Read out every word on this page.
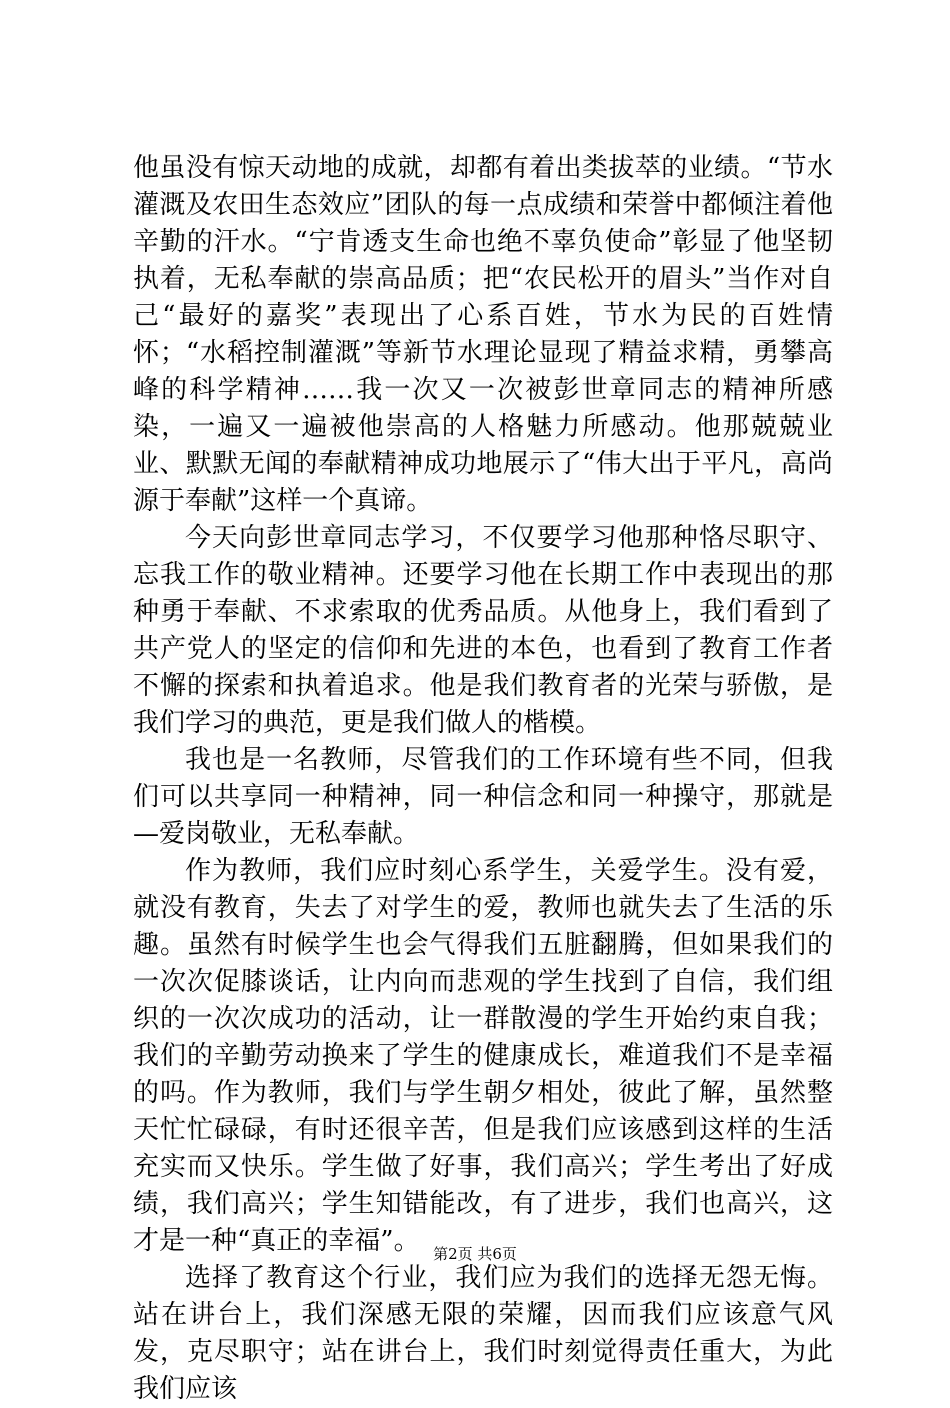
他虽没有惊天动地的成就，却都有着出类拔萃的业绩。“节水灌溉及农田生态效应”团队的每一点成绩和荣誉中都倾注着他辛勤的汗水。“宁肯透支生命也绝不辜负使命”彰显了他坚韧执着，无私奉献的崇高品质；把“农民松开的眉头”当作对自己“最好的嘉奖”表现出了心系百姓，节水为民的百姓情怀；“水稻控制灌溉”等新节水理论显现了精益求精，勇攀高峰的科学精神……我一次又一次被彭世章同志的精神所感染，一遍又一遍被他崇高的人格魅力所感动。他那兢兢业业、默默无闻的奉献精神成功地展示了“伟大出于平凡，高尚源于奉献”这样一个真谛。

今天向彭世章同志学习，不仅要学习他那种恪尽职守、忘我工作的敬业精神。还要学习他在长期工作中表现出的那种勇于奉献、不求索取的优秀品质。从他身上，我们看到了共产党人的坚定的信仰和先进的本色，也看到了教育工作者不懈的探索和执着追求。他是我们教育者的光荣与骄傲，是我们学习的典范，更是我们做人的楷模。

我也是一名教师，尽管我们的工作环境有些不同，但我们可以共享同一种精神，同一种信念和同一种操守，那就是—爱岗敬业，无私奉献。

作为教师，我们应时刻心系学生，关爱学生。没有爱，就没有教育，失去了对学生的爱，教师也就失去了生活的乐趣。虽然有时候学生也会气得我们五脏翻腾，但如果我们的一次次促膝谈话，让内向而悲观的学生找到了自信，我们组织的一次次成功的活动，让一群散漫的学生开始约束自我；我们的辛勤劳动换来了学生的健康成长，难道我们不是幸福的吗。作为教师，我们与学生朝夕相处，彼此了解，虽然整天忙忙碌碌，有时还很辛苦，但是我们应该感到这样的生活充实而又快乐。学生做了好事，我们高兴；学生考出了好成绩，我们高兴；学生知错能改，有了进步，我们也高兴，这才是一种“真正的幸福”。

选择了教育这个行业，我们应为我们的选择无怨无悔。站在讲台上，我们深感无限的荣耀，因而我们应该意气风发，克尽职守；站在讲台上，我们时刻觉得责任重大，为此我们应该

第2页 共6页
